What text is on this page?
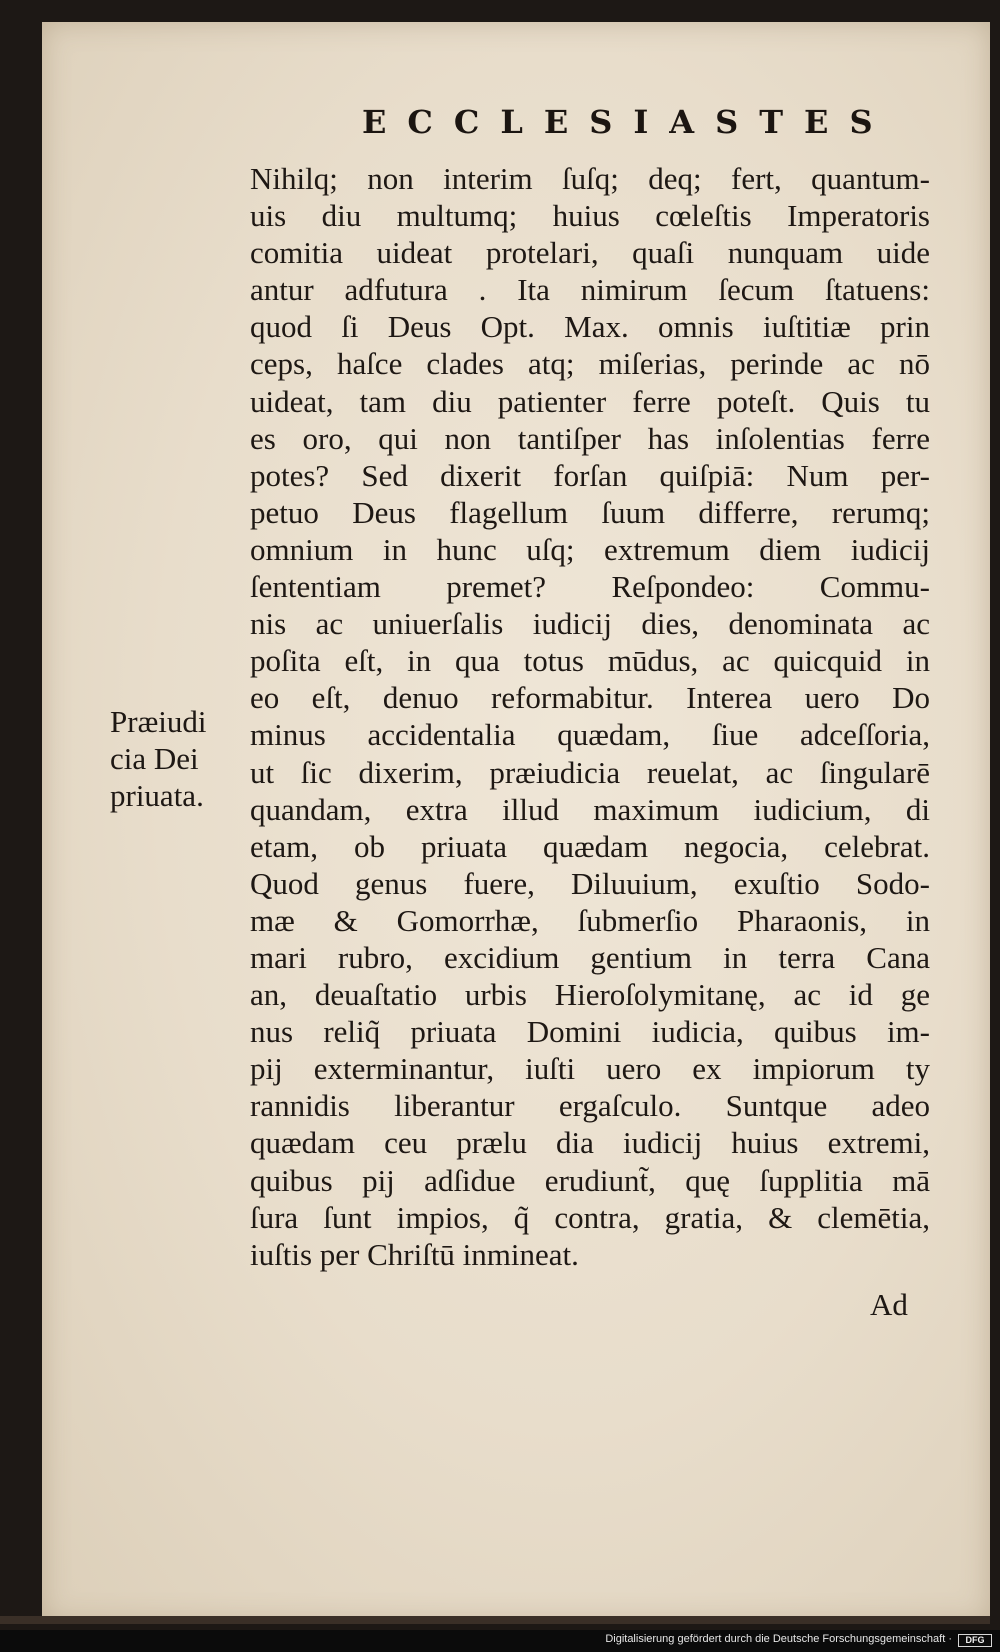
ECCLESIASTES
Nihilq; non interim ſuſq; deq; fert, quantum-
uis diu multumq; huius cœleſtis Imperatoris
comitia uideat protelari, quaſi nunquam uide
antur adfutura . Ita nimirum ſecum ſtatuens:
quod ſi Deus Opt. Max. omnis iuſtitiæ prin
ceps, haſce clades atq; miſerias, perinde ac nō
uideat, tam diu patienter ferre poteſt. Quis tu
es oro, qui non tantiſper has inſolentias ferre
potes? Sed dixerit forſan quiſpiā: Num per-
petuo Deus flagellum ſuum differre, rerumq;
omnium in hunc uſq; extremum diem iudicij
ſententiam premet? Reſpondeo: Commu-
nis ac uniuerſalis iudicij dies, denominata ac
poſita eſt, in qua totus mūdus, ac quicquid in
eo eſt, denuo reformabitur. Interea uero Do
minus accidentalia quædam, ſiue adceſſoria,
ut ſic dixerim, præiudicia reuelat, ac ſingularē
quandam, extra illud maximum iudicium, di
etam, ob priuata quædam negocia, celebrat.
Quod genus fuere, Diluuium, exuſtio Sodo-
mæ & Gomorrhæ, ſubmerſio Pharaonis, in
mari rubro, excidium gentium in terra Cana
an, deuaſtatio urbis Hieroſolymitanę, ac id ge
nus reliq̃ priuata Domini iudicia, quibus im-
pij exterminantur, iuſti uero ex impiorum ty
rannidis liberantur ergaſculo. Suntque adeo
quædam ceu prælu dia iudicij huius extremi,
quibus pij adſidue erudiunt̃, quę ſupplitia mā
ſura ſunt impios, q̃ contra, gratia, & clemētia,
iuſtis per Chriſtū inmineat.
Ad
Præiudi
cia Dei
priuata.
Digitalisierung gefördert durch die Deutsche Forschungsgemeinschaft ·	DFG
